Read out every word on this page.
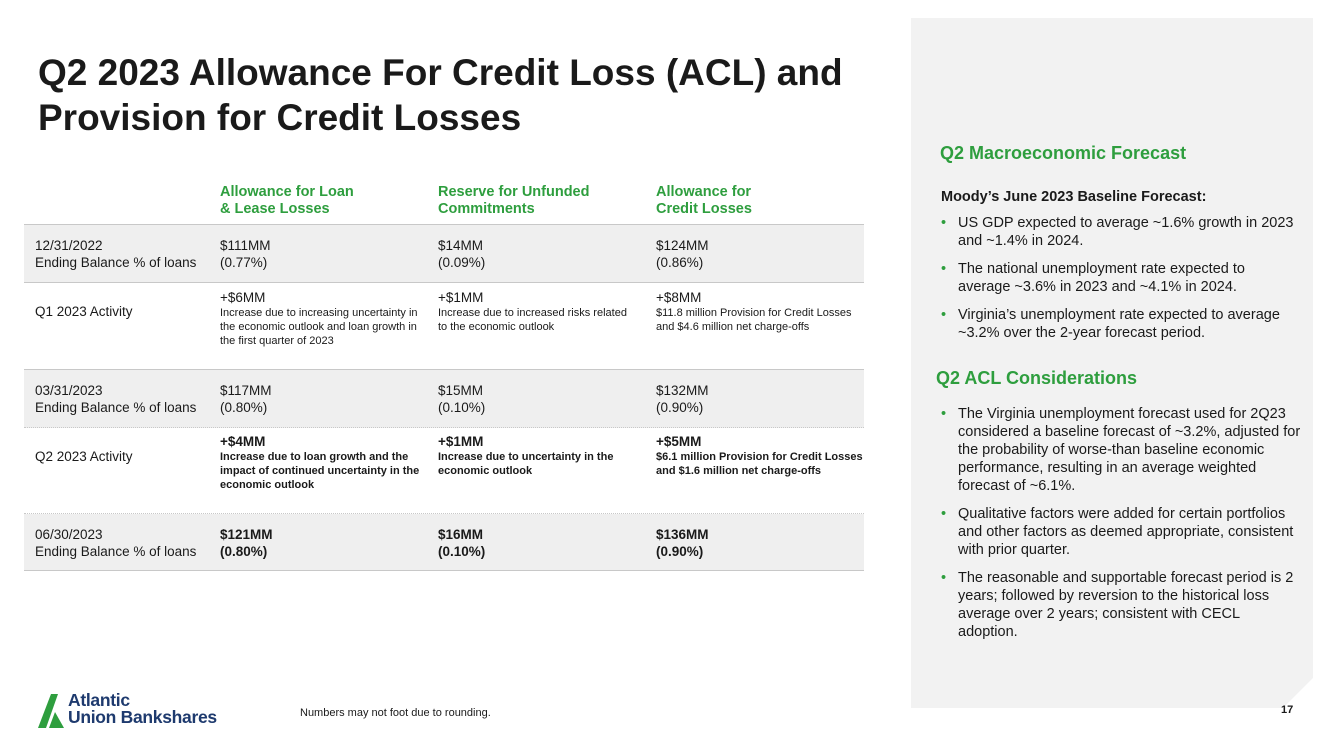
Q2 2023 Allowance For Credit Loss (ACL) and
Provision for Credit Losses
Allowance for Loan
& Lease Losses
Reserve for Unfunded
Commitments
Allowance for
Credit Losses
12/31/2022
Ending Balance % of loans
$111MM
(0.77%)
$14MM
(0.09%)
$124MM
(0.86%)
Q1 2023 Activity
+$6MM
Increase due to increasing uncertainty in the economic outlook and loan growth in the first quarter of 2023
+$1MM
Increase due to increased risks related to the economic outlook
+$8MM
$11.8 million Provision for Credit Losses and $4.6 million net charge-offs
03/31/2023
Ending Balance % of loans
$117MM
(0.80%)
$15MM
(0.10%)
$132MM
(0.90%)
Q2 2023 Activity
+$4MM
Increase due to loan growth and the impact of continued uncertainty in the economic outlook
+$1MM
Increase due to uncertainty in the economic outlook
+$5MM
$6.1 million Provision for Credit Losses and $1.6 million net charge-offs
06/30/2023
Ending Balance % of loans
$121MM
(0.80%)
$16MM
(0.10%)
$136MM
(0.90%)
Q2 Macroeconomic Forecast
Moody’s June 2023 Baseline Forecast:
• US GDP expected to average ~1.6% growth in 2023 and ~1.4% in 2024.
• The national unemployment rate expected to average ~3.6% in 2023 and ~4.1% in 2024.
• Virginia’s unemployment rate expected to average ~3.2% over the 2-year forecast period.
Q2 ACL Considerations
• The Virginia unemployment forecast used for 2Q23 considered a baseline forecast of ~3.2%, adjusted for the probability of worse-than baseline economic performance, resulting in an average weighted forecast of ~6.1%.
• Qualitative factors were added for certain portfolios and other factors as deemed appropriate, consistent with prior quarter.
• The reasonable and supportable forecast period is 2 years; followed by reversion to the historical loss average over 2 years; consistent with CECL adoption.
Atlantic
Union Bankshares	Numbers may not foot due to rounding.	17
